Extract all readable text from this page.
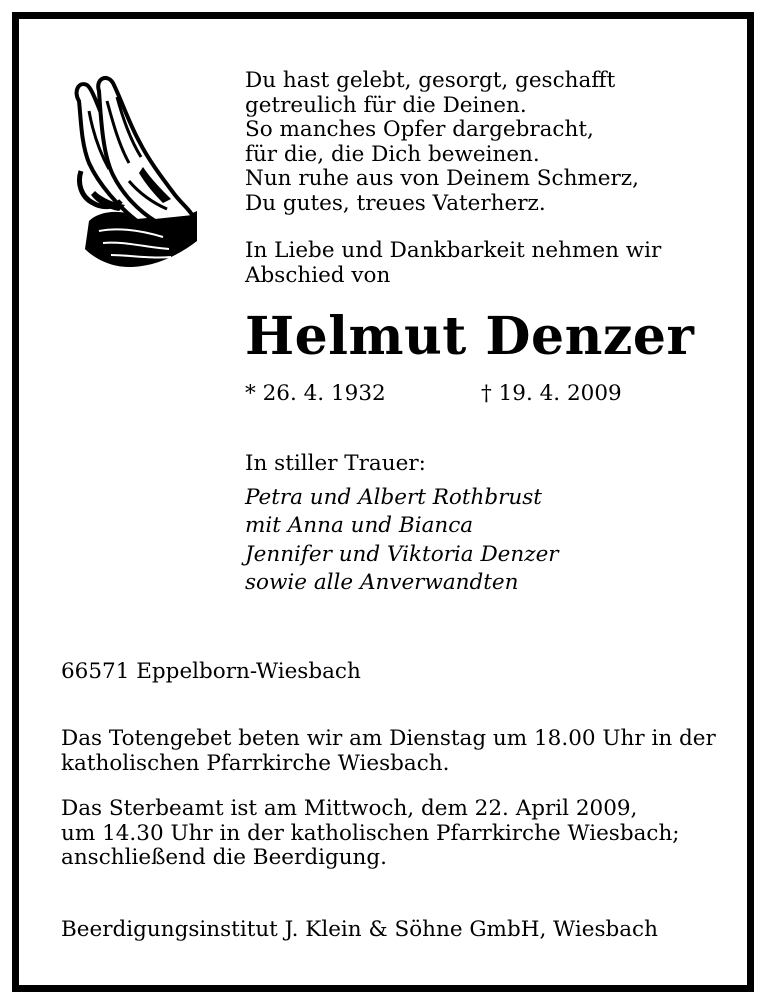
Du hast gelebt, gesorgt, geschafft
getreulich für die Deinen.
So manches Opfer dargebracht,
für die, die Dich beweinen.
Nun ruhe aus von Deinem Schmerz,
Du gutes, treues Vaterherz.
In Liebe und Dankbarkeit nehmen wir
Abschied von
Helmut Denzer
* 26. 4. 1932	† 19. 4. 2009
In stiller Trauer:
Petra und Albert Rothbrust
mit Anna und Bianca
Jennifer und Viktoria Denzer
sowie alle Anverwandten
66571 Eppelborn-Wiesbach
Das Totengebet beten wir am Dienstag um 18.00 Uhr in der
katholischen Pfarrkirche Wiesbach.
Das Sterbeamt ist am Mittwoch, dem 22. April 2009,
um 14.30 Uhr in der katholischen Pfarrkirche Wiesbach;
anschließend die Beerdigung.
Beerdigungsinstitut J. Klein & Söhne GmbH, Wiesbach
